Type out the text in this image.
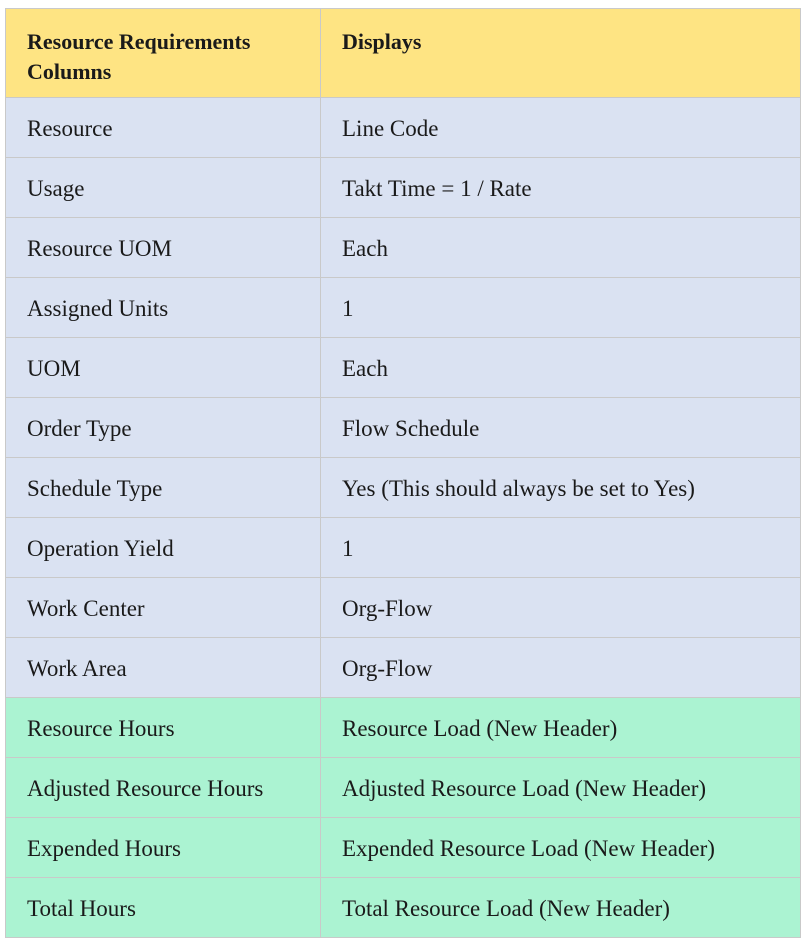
Resource Requirements Columns	Displays
Resource	Line Code
Usage	Takt Time = 1 / Rate
Resource UOM	Each
Assigned Units	1
UOM	Each
Order Type	Flow Schedule
Schedule Type	Yes (This should always be set to Yes)
Operation Yield	1
Work Center	Org-Flow
Work Area	Org-Flow
Resource Hours	Resource Load (New Header)
Adjusted Resource Hours	Adjusted Resource Load (New Header)
Expended Hours	Expended Resource Load (New Header)
Total Hours	Total Resource Load (New Header)
